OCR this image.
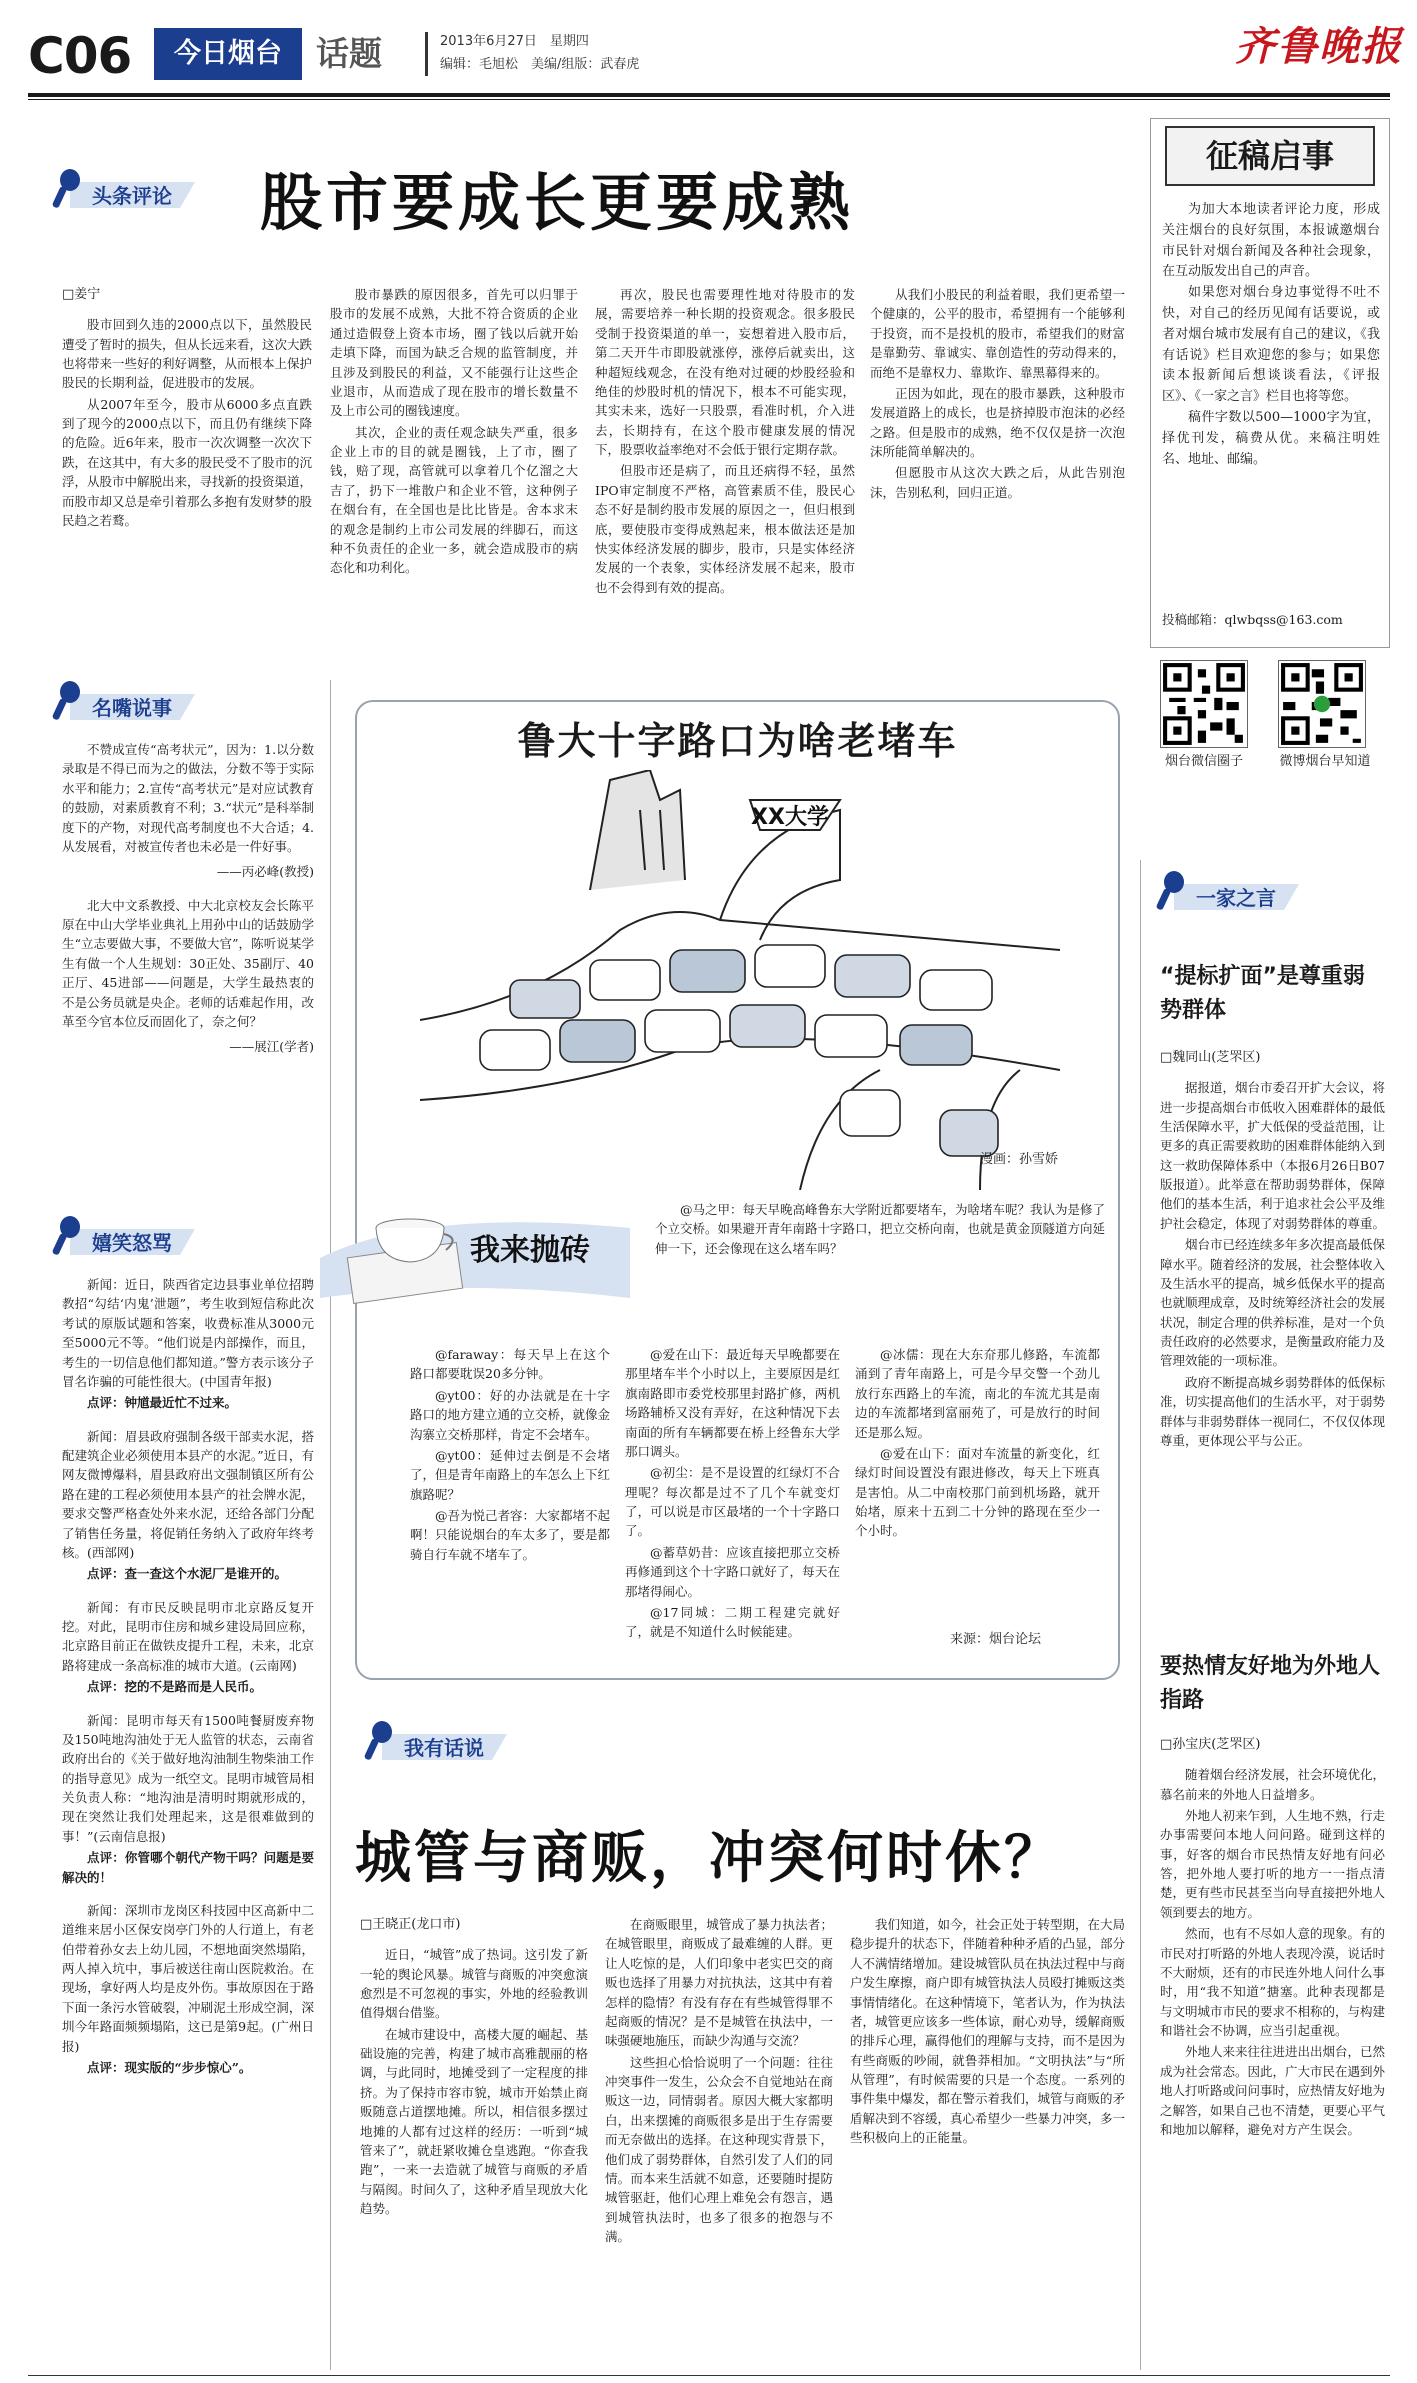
C06	今日烟台	话题	2013年6月27日　星期四
编辑：毛旭松　美编/组版：武春虎	齐鲁晚报
头条评论 股市要成长更要成熟
□姜宁

股市回到久违的2000点以下，虽然股民遭受了暂时的损失，但从长远来看，这次大跌也将带来一些好的利好调整，从而根本上保护股民的长期利益，促进股市的发展。

从2007年至今，股市从6000多点直跌到了现今的2000点以下，而且仍有继续下降的危险。近6年来，股市一次次调整一次次下跌，在这其中，有大多的股民受不了股市的沉浮，从股市中解脱出来，寻找新的投资渠道，而股市却又总是牵引着那么多抱有发财梦的股民趋之若鹜。

股市暴跌的原因很多，首先可以归罪于股市的发展不成熟，大批不符合资质的企业通过造假登上资本市场，圈了钱以后就开始走填下降，而国为缺乏合规的监管制度，并且涉及到股民的利益，又不能强行让这些企业退市，从而造成了现在股市的增长数量不及上市公司的圈钱速度。

其次，企业的责任观念缺失严重，很多企业上市的目的就是圈钱，上了市，圈了钱，赔了现，高管就可以拿着几个亿溜之大吉了，扔下一堆散户和企业不管，这种例子在烟台有，在全国也是比比皆是。舍本求末的观念是制约上市公司发展的绊脚石，而这种不负责任的企业一多，就会造成股市的病态化和功利化。

再次，股民也需要理性地对待股市的发展，需要培养一种长期的投资观念。很多股民受制于投资渠道的单一，妄想着进入股市后，第二天开牛市即股就涨停，涨停后就卖出，这种超短线观念，在没有绝对过硬的炒股经验和绝佳的炒股时机的情况下，根本不可能实现，其实未来，选好一只股票，看准时机，介入进去，长期持有，在这个股市健康发展的情况下，股票收益率绝对不会低于银行定期存款。

但股市还是病了，而且还病得不轻，虽然IPO审定制度不严格，高管素质不佳，股民心态不好是制约股市发展的原因之一，但归根到底，要使股市变得成熟起来，根本做法还是加快实体经济发展的脚步，股市，只是实体经济发展的一个表象，实体经济发展不起来，股市也不会得到有效的提高。

从我们小股民的利益着眼，我们更希望一个健康的，公平的股市，希望拥有一个能够利于投资，而不是投机的股市，希望我们的财富是靠勤劳、靠诚实、靠创造性的劳动得来的，而绝不是靠权力、靠欺诈、靠黑幕得来的。

正因为如此，现在的股市暴跌，这种股市发展道路上的成长，也是挤掉股市泡沫的必经之路。但是股市的成熟，绝不仅仅是挤一次泡沫所能简单解决的。

但愿股市从这次大跌之后，从此告别泡沫，告别私利，回归正道。

征稿启事

为加大本地读者评论力度，形成关注烟台的良好氛围，本报诚邀烟台市民针对烟台新闻及各种社会现象，在互动版发出自己的声音。

如果您对烟台身边事觉得不吐不快，对自己的经历见闻有话要说，或者对烟台城市发展有自己的建议，《我有话说》栏目欢迎您的参与；如果您读本报新闻后想谈谈看法，《评报区》、《一家之言》栏目也将等您。

稿件字数以500—1000字为宜，择优刊发，稿费从优。来稿注明姓名、地址、邮编。

投稿邮箱：qlwbqss@163.com
烟台微信圈子	微博烟台早知道
名嘴说事

不赞成宣传“高考状元”，因为：1.以分数录取是不得已而为之的做法，分数不等于实际水平和能力；2.宣传“高考状元”是对应试教育的鼓励，对素质教育不利；3.“状元”是科举制度下的产物，对现代高考制度也不大合适；4.从发展看，对被宣传者也未必是一件好事。

——丙必峰(教授)

北大中文系教授、中大北京校友会长陈平原在中山大学毕业典礼上用孙中山的话鼓励学生“立志要做大事，不要做大官”，陈听说某学生有做一个人生规划：30正处、35副厅、40正厅、45进部——问题是，大学生最热衷的不是公务员就是央企。老师的话难起作用，改革至今官本位反而固化了，奈之何？

——展江(学者)
嬉笑怒骂

新闻：近日，陕西省定边县事业单位招聘教招“勾结‘内鬼’泄题”，考生收到短信称此次考试的原版试题和答案，收费标准从3000元至5000元不等。“他们说是内部操作，而且，考生的一切信息他们都知道。”警方表示该分子冒名诈骗的可能性很大。(中国青年报)

点评：钟馗最近忙不过来。

新闻：眉县政府强制各级干部卖水泥，搭配建筑企业必须使用本县产的水泥。”近日，有网友微博爆料，眉县政府出文强制镇区所有公路在建的工程必须使用本县产的社会牌水泥，要求交警严格查处外来水泥，还给各部门分配了销售任务量，将促销任务纳入了政府年终考核。(西部网)

点评：查一查这个水泥厂是谁开的。

新闻：有市民反映昆明市北京路反复开挖。对此，昆明市住房和城乡建设局回应称，北京路目前正在做铁皮提升工程，未来，北京路将建成一条高标准的城市大道。(云南网)

点评：挖的不是路而是人民币。

新闻：昆明市每天有1500吨餐厨废弃物及150吨地沟油处于无人监管的状态，云南省政府出台的《关于做好地沟油制生物柴油工作的指导意见》成为一纸空文。昆明市城管局相关负责人称：“地沟油是清明时期就形成的，现在突然让我们处理起来，这是很难做到的事！”(云南信息报)

点评：你管哪个朝代产物干吗？问题是要解决的！

新闻：深圳市龙岗区科技园中区高新中二道维来居小区保安岗亭门外的人行道上，有老伯带着孙女去上幼儿园，不想地面突然塌陷，两人掉入坑中，事后被送往南山医院救治。在现场，拿好两人均是皮外伤。事故原因在于路下面一条污水管破裂，冲刷泥土形成空洞，深圳今年路面频频塌陷，这已是第9起。(广州日报)

点评：现实版的“步步惊心”。

鲁大十字路口为啥老堵车
XX大学
漫画：孙雪娇
我来抛砖

@马之甲：每天早晚高峰鲁东大学附近都要堵车，为啥堵车呢？我认为是修了个立交桥。如果避开青年南路十字路口，把立交桥向南，也就是黄金顶隧道方向延伸一下，还会像现在这么堵车吗？

@faraway：每天早上在这个路口都要耽误20多分钟。

@yt00：好的办法就是在十字路口的地方建立通的立交桥，就像金沟寨立交桥那样，肯定不会堵车。

@yt00：延伸过去倒是不会堵了，但是青年南路上的车怎么上下红旗路呢？

@吾为悦己者容：大家都堵不起啊！只能说烟台的车太多了，要是都骑自行车就不堵车了。

@爱在山下：最近每天早晚都要在那里堵车半个小时以上，主要原因是红旗南路即市委党校那里封路扩修，两机场路辅桥又没有弄好，在这种情况下去南面的所有车辆都要在桥上经鲁东大学那口调头。

@初尘：是不是设置的红绿灯不合理呢？每次都是过不了几个车就变灯了，可以说是市区最堵的一个十字路口了。

@蓄草奶昔：应该直接把那立交桥再修通到这个十字路口就好了，每天在那堵得闹心。

@17同城：二期工程建完就好了，就是不知道什么时候能建。

@冰儒：现在大东夼那儿修路，车流都涌到了青年南路上，可是今早交警一个劲儿放行东西路上的车流，南北的车流尤其是南边的车流都堵到富丽苑了，可是放行的时间还是那么短。

@爱在山下：面对车流量的新变化，红绿灯时间设置没有跟进修改，每天上下班真是害怕。从二中南校那门前到机场路，就开始堵，原来十五到二十分钟的路现在至少一个小时。

来源：烟台论坛
我有话说
城管与商贩，冲突何时休？
□王晓正(龙口市)

近日，“城管”成了热词。这引发了新一轮的舆论风暴。城管与商贩的冲突愈演愈烈是不可忽视的事实，外地的经验教训值得烟台借鉴。

在城市建设中，高楼大厦的崛起、基础设施的完善，构建了城市高雅靓丽的格调，与此同时，地摊受到了一定程度的排挤。为了保持市容市貌，城市开始禁止商贩随意占道摆地摊。所以，相信很多摆过地摊的人都有过这样的经历：一听到“城管来了”，就赶紧收摊仓皇逃跑。“你查我跑”，一来一去造就了城管与商贩的矛盾与隔阂。时间久了，这种矛盾呈现放大化趋势。

在商贩眼里，城管成了暴力执法者；在城管眼里，商贩成了最难缠的人群。更让人吃惊的是，人们印象中老实巴交的商贩也选择了用暴力对抗执法，这其中有着怎样的隐情？有没有存在有些城管得罪不起商贩的情况？是不是城管在执法中，一味强硬地施压，而缺少沟通与交流？

这些担心恰恰说明了一个问题：往往冲突事件一发生，公众会不自觉地站在商贩这一边，同情弱者。原因大概大家都明白，出来摆摊的商贩很多是出于生存需要而无奈做出的选择。在这种现实背景下，他们成了弱势群体，自然引发了人们的同情。而本来生活就不如意，还要随时提防城管驱赶，他们心理上难免会有怨言，遇到城管执法时，也多了很多的抱怨与不满。

我们知道，如今，社会正处于转型期，在大局稳步提升的状态下，伴随着种种矛盾的凸显，部分人不满情绪增加。建设城管队员在执法过程中与商户发生摩擦，商户即有城管执法人员殴打摊贩这类事情情绪化。在这种情境下，笔者认为，作为执法者，城管更应该多一些体谅，耐心劝导，缓解商贩的排斥心理，赢得他们的理解与支持，而不是因为有些商贩的吵闹，就鲁莽相加。“文明执法”与“所从管理”，有时候需要的只是一个态度。一系列的事件集中爆发，都在警示着我们，城管与商贩的矛盾解决到不容缓，真心希望少一些暴力冲突，多一些积极向上的正能量。

一家之言
“提标扩面”是尊重弱势群体
□魏同山(芝罘区)

据报道，烟台市委召开扩大会议，将进一步提高烟台市低收入困难群体的最低生活保障水平，扩大低保的受益范围，让更多的真正需要救助的困难群体能纳入到这一救助保障体系中（本报6月26日B07版报道）。此举意在帮助弱势群体，保障他们的基本生活，利于追求社会公平及维护社会稳定，体现了对弱势群体的尊重。

烟台市已经连续多年多次提高最低保障水平。随着经济的发展，社会整体收入及生活水平的提高，城乡低保水平的提高也就顺理成章，及时统筹经济社会的发展状况，制定合理的供养标准，是对一个负责任政府的必然要求，是衡量政府能力及管理效能的一项标准。

政府不断提高城乡弱势群体的低保标准，切实提高他们的生活水平，对于弱势群体与非弱势群体一视同仁，不仅仅体现尊重，更体现公平与公正。

要热情友好地为外地人指路
□孙宝庆(芝罘区)

随着烟台经济发展，社会环境优化，慕名前来的外地人日益增多。

外地人初来乍到，人生地不熟，行走办事需要问本地人问问路。碰到这样的事，好客的烟台市民热情友好地有问必答，把外地人要打听的地方一一指点清楚，更有些市民甚至当向导直接把外地人领到要去的地方。

然而，也有不尽如人意的现象。有的市民对打听路的外地人表现冷漠，说话时不大耐烦，还有的市民连外地人问什么事时，用“我不知道”搪塞。此种表现都是与文明城市市民的要求不相称的，与构建和谐社会不协调，应当引起重视。

外地人来来往往进进出出烟台，已然成为社会常态。因此，广大市民在遇到外地人打听路或问问事时，应热情友好地为之解答，如果自己也不清楚，更要心平气和地加以解释，避免对方产生误会。
